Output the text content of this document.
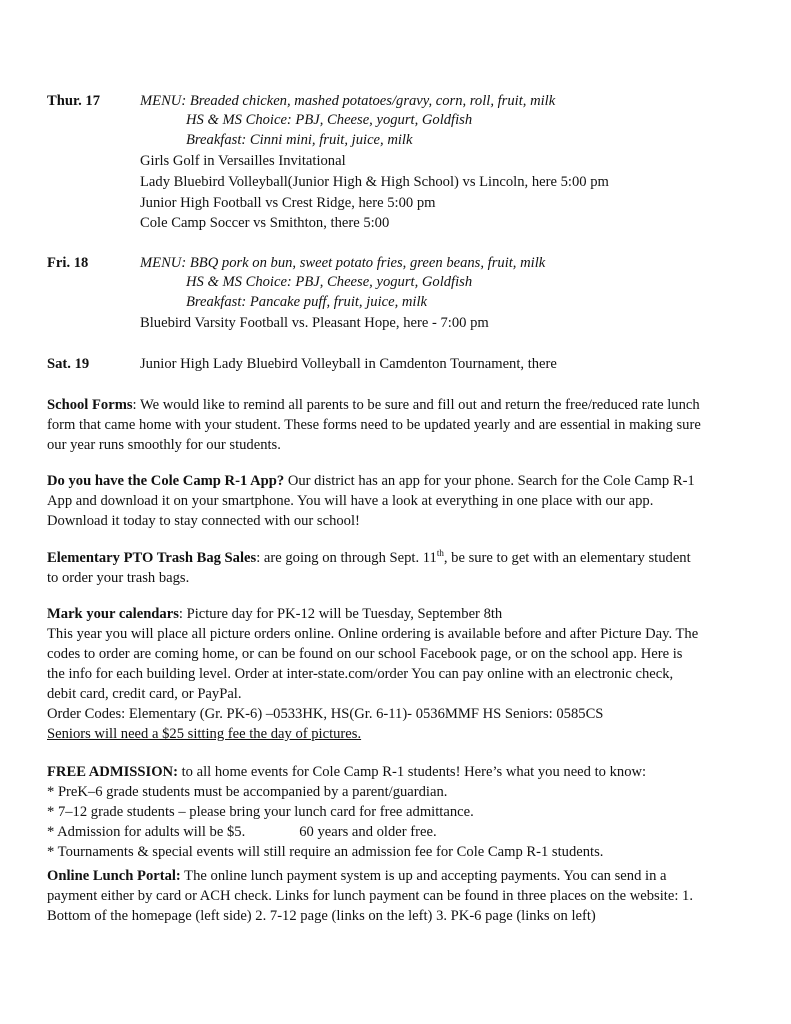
Thur. 17	MENU: Breaded chicken, mashed potatoes/gravy, corn, roll, fruit, milk
HS & MS Choice: PBJ, Cheese, yogurt, Goldfish
Breakfast: Cinni mini, fruit, juice, milk
Girls Golf in Versailles Invitational
Lady Bluebird Volleyball(Junior High & High School) vs Lincoln, here 5:00 pm
Junior High Football vs Crest Ridge, here 5:00 pm
Cole Camp Soccer vs Smithton, there 5:00
Fri. 18	MENU: BBQ pork on bun, sweet potato fries, green beans, fruit, milk
HS & MS Choice: PBJ, Cheese, yogurt, Goldfish
Breakfast: Pancake puff, fruit, juice, milk
Bluebird Varsity Football vs. Pleasant Hope, here - 7:00 pm
Sat. 19	Junior High Lady Bluebird Volleyball in Camdenton Tournament, there
School Forms: We would like to remind all parents to be sure and fill out and return the free/reduced rate lunch
form that came home with your student. These forms need to be updated yearly and are essential in making sure
our year runs smoothly for our students.
Do you have the Cole Camp R-1 App? Our district has an app for your phone. Search for the Cole Camp R-1
App and download it on your smartphone. You will have a look at everything in one place with our app.
Download it today to stay connected with our school!
Elementary PTO Trash Bag Sales: are going on through Sept. 11th, be sure to get with an elementary student
to order your trash bags.
Mark your calendars: Picture day for PK-12 will be Tuesday, September 8th
This year you will place all picture orders online. Online ordering is available before and after Picture Day. The
codes to order are coming home, or can be found on our school Facebook page, or on the school app. Here is
the info for each building level. Order at inter-state.com/order You can pay online with an electronic check,
debit card, credit card, or PayPal.
Order Codes: Elementary (Gr. PK-6) –0533HK, HS(Gr. 6-11)- 0536MMF HS Seniors: 0585CS
Seniors will need a $25 sitting fee the day of pictures.
FREE ADMISSION: to all home events for Cole Camp R-1 students! Here’s what you need to know:
* PreK–6 grade students must be accompanied by a parent/guardian.
* 7–12 grade students – please bring your lunch card for free admittance.
* Admission for adults will be $5.	60 years and older free.
* Tournaments & special events will still require an admission fee for Cole Camp R-1 students.
Online Lunch Portal: The online lunch payment system is up and accepting payments. You can send in a
payment either by card or ACH check. Links for lunch payment can be found in three places on the website: 1.
Bottom of the homepage (left side) 2. 7-12 page (links on the left) 3. PK-6 page (links on left)
